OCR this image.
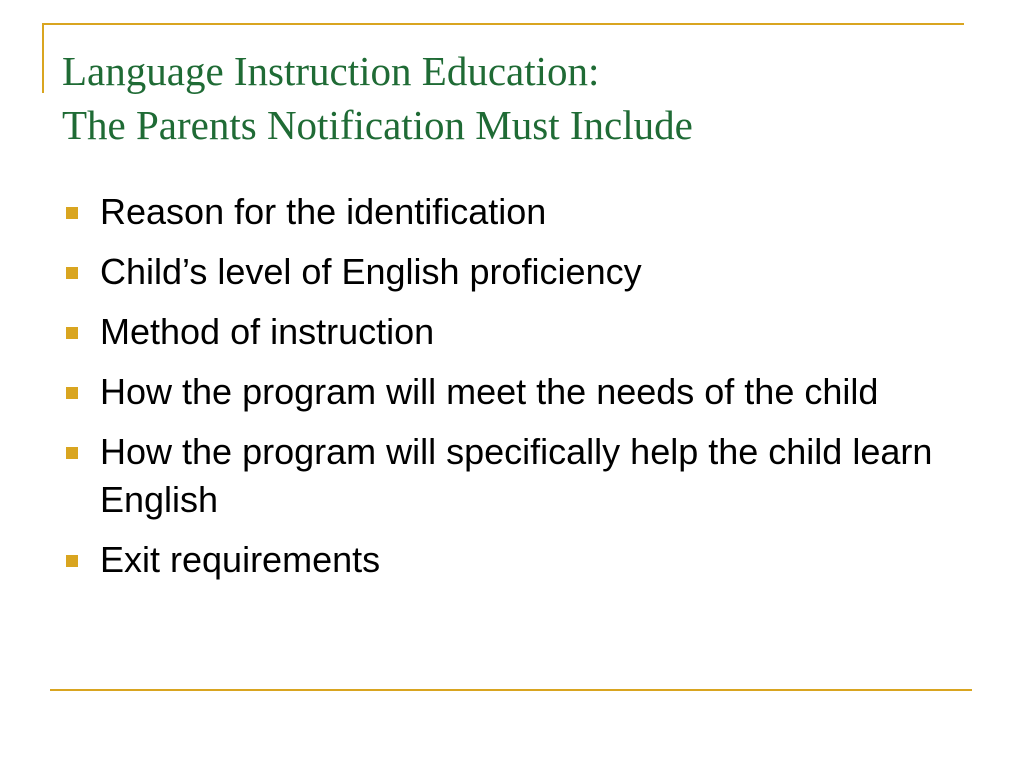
Language Instruction Education:
The Parents Notification Must Include
Reason for the identification
Child’s level of English proficiency
Method of instruction
How the program will meet the needs of the child
How the program will specifically help the child learn English
Exit requirements
